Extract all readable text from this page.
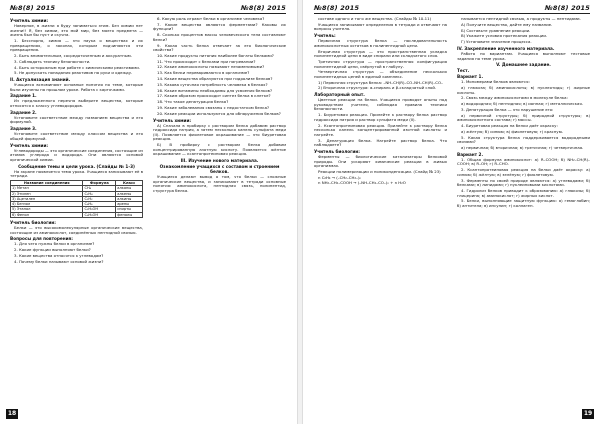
№8(8) 2015	№8(8) 2015
Учитель химии:
Наверное, в жизни я буду заниматься этим. Без химии нет жизни!! Я, без химии, это мой мир, без моего предмета — жизнь был бы пуст и скучна.
1. Бесспорно, химия — это наука о веществах и их превращениях, о законах, которым подчиняются эти превращения.
2. Быть внимательным, сосредоточенным и аккуратным.
3. Соблюдать технику безопасности.
4. Быть осторожным при работе с химическими реактивами.
5. Не допускать попадания реактивов на руки и одежду.
II. Актуализация знаний.
Учащиеся вспоминают основные понятия по теме, которые были изучены на прошлом уроке. Работа с карточками.
Задание 1.
Из предложенного перечня выберите вещества, которые относятся к классу углеводородов.
Задание 2.
Установите соответствие между названием вещества и его формулой.
Задание 3.
Установите соответствие между классом вещества и его общей формулой.
Учитель химии:
Углеводороды — это органические соединения, состоящие из атомов углерода и водорода. Они являются основой органической химии.
Сообщение темы и цели урока. (Слайды № 1-3)
На экране появляется тема урока. Учащиеся записывают её в тетради.
Название соединения	Формула	Класс
1) Метан	CH₄	алканы
2) Этилен	C₂H₄	алкены
3) Ацетилен	C₂H₂	алкины
4) Бензол	C₆H₆	арены
5) Этанол	C₂H₅OH	спирты
6) Фенол	C₆H₅OH	фенолы
Учитель биологии:
Белки — это высокомолекулярные органические вещества, состоящие из аминокислот, соединённых пептидной связью.
Вопросы для повторения:
1. Для чего нужны белки в организме?
2. Какие функции выполняют белки?
3. Какие вещества относятся к углеводам?
4. Почему белки называют основой жизни?
6. Какую роль играют белки в организме человека?
7. Какие вещества являются ферментами? Каковы их функции?
8. Сколько процентов массы человеческого тела составляют белки?
9. Какая часть белка отвечает за его биологические свойства?
10. Какие продукты питания наиболее богаты белками?
11. Что происходит с белками при нагревании?
12. Какие аминокислоты называют незаменимыми?
13. Как белки перевариваются в организме?
14. Какие вещества образуются при гидролизе белков?
15. Какова суточная потребность человека в белках?
16. Какие витамины необходимы для усвоения белков?
17. Каким образом происходит синтез белка в клетке?
18. Что такое денатурация белка?
19. Какие заболевания связаны с недостатком белка?
20. Какие реакции используются для обнаружения белков?
Учитель химии:
А) Сначала в пробирку с раствором белка добавим раствор гидроксида натрия, а затем несколько капель сульфата меди (II). Появляется фиолетовое окрашивание — это биуретовая реакция.
Б) В пробирку с раствором белка добавим концентрированную азотную кислоту. Появляется жёлтое окрашивание — ксантопротеиновая реакция.
III. Изучение нового материала.
Ознакомление учащихся с составом и строением белков.
Учащиеся делают вывод о том, что белки — сложные органические вещества, и записывают в тетради основные понятия: аминокислота, пептидная связь, полипептид, структура белка.
18
№8(8) 2015	№8(8) 2015
составе одного и того же вещества. (Слайды № 10-11)
Учащиеся записывают определения в тетради и отвечают на вопросы учителя.
Учитель:
Первичная структура белка — последовательность аминокислотных остатков в полипептидной цепи.
Вторичная структура — это пространственная укладка полипептидной цепи в виде спирали или складчатого слоя.
Третичная структура — пространственная конфигурация полипептидной цепи, свёрнутой в глобулу.
Четвертичная структура — объединение нескольких полипептидных цепей в единый комплекс.
1) Первичная структура белка: –NH–CH(R)–CO–NH–CH(R)–CO–
2) Вторичная структура: α-спираль и β-складчатый слой.
Лабораторный опыт.
Цветные реакции на белки. Учащиеся проводят опыты под руководством учителя, соблюдая правила техники безопасности.
1. Биуретовая реакция. Прилейте к раствору белка раствор гидроксида натрия и раствор сульфата меди (II).
2. Ксантопротеиновая реакция. Прилейте к раствору белка несколько капель концентрированной азотной кислоты и нагрейте.
3. Денатурация белка. Нагрейте раствор белка. Что наблюдаете?
Учитель биологии:
Ферменты — биологические катализаторы белковой природы. Они ускоряют химические реакции в живых организмах.
Реакции полимеризации и поликонденсации. (Слайд № 23)
n C₂H₄ → (–CH₂–CH₂–)ₙ
n NH₂–CH₂–COOH → (–NH–CH₂–CO–)ₙ + n H₂O
называется пептидной связью, а продукты — пептидами.
А) Получите вещество, дайте ему название.
Б) Составьте уравнение реакции.
В) Укажите условия протекания реакции.
Г) Установите значение процесса.
IV. Закрепление изученного материала.
Работа по вариантам. Учащиеся выполняют тестовые задания по теме урока.
V. Домашнее задание.
Тест.
Вариант 1.
1. Мономерами белков являются:
а) глюкоза; б) аминокислоты; в) нуклеотиды; г) жирные кислоты.
2. Связь между аминокислотами в молекуле белка:
а) водородная; б) пептидная; в) ионная; г) металлическая.
3. Денатурация белка — это нарушение его:
а) первичной структуры; б) природной структуры; в) аминокислотного состава; г) массы.
4. Биуретовая реакция на белки даёт окраску:
а) жёлтую; б) синюю; в) фиолетовую; г) красную.
5. Какая структура белка поддерживается водородными связями?
а) первичная; б) вторичная; в) третичная; г) четвертичная.
Вариант 2.
1. Общая формула аминокислот: а) R–COOH; б) NH₂–CH(R)–COOH; в) R–OH; г) R–CHO.
2. Ксантопротеиновая реакция на белки даёт окраску: а) синюю; б) жёлтую; в) зелёную; г) фиолетовую.
3. Ферменты по своей природе являются: а) углеводами; б) белками; в) липидами; г) нуклеиновыми кислотами.
4. Гидролиз белков приводит к образованию: а) глюкозы; б) глицерина; в) аминокислот; г) жирных кислот.
5. Белки, выполняющие защитную функцию: а) гемоглобин; б) антитела; в) инсулин; г) коллаген.
19
